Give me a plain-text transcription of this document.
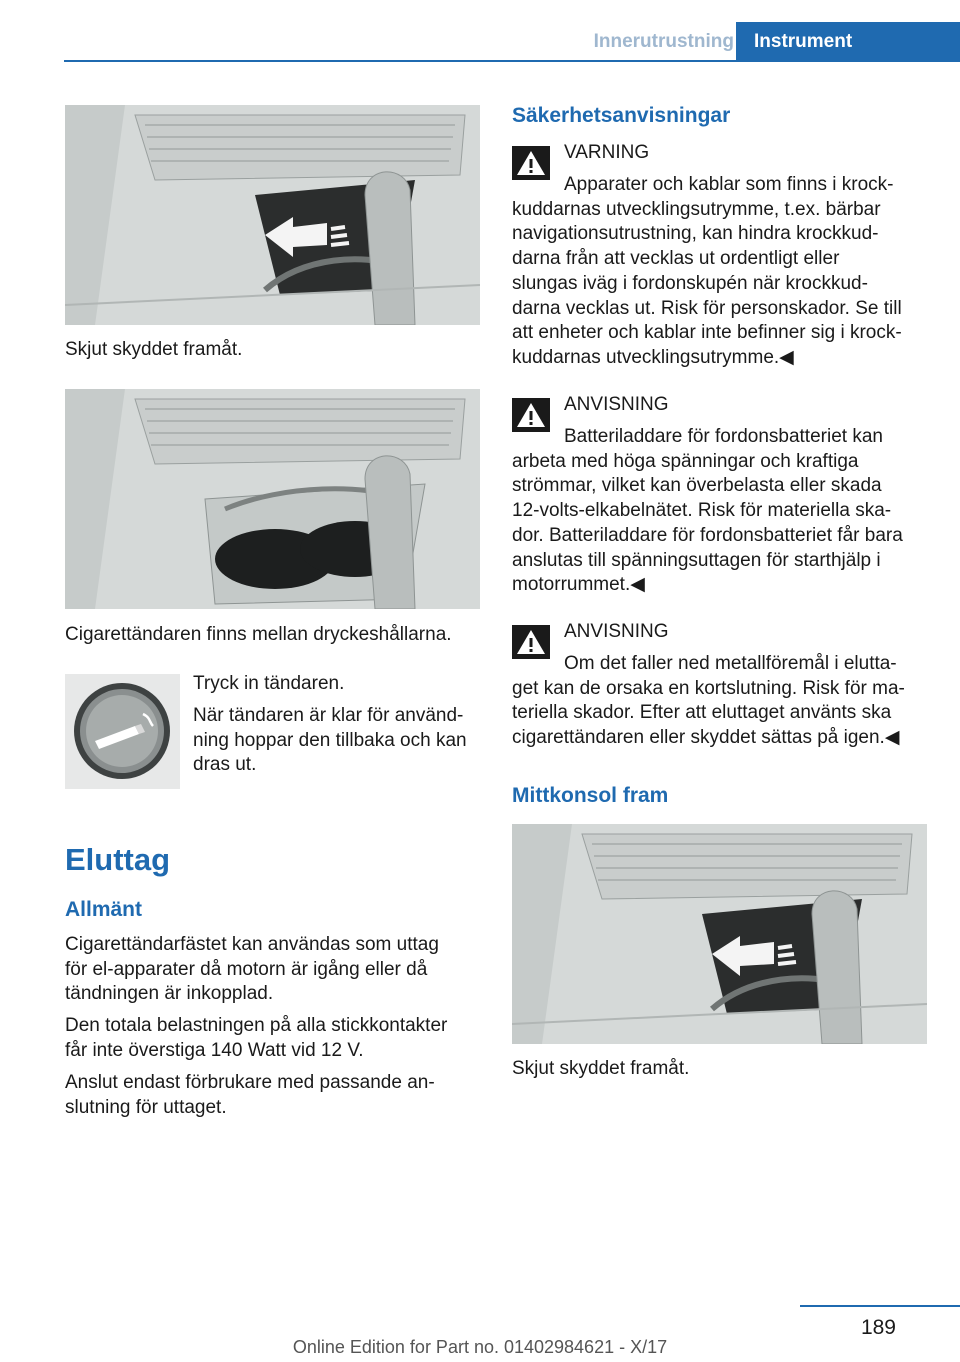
Innerutrustning	Instrument

Skjut skyddet framåt.

Cigarettändaren finns mellan dryckeshållarna.

Tryck in tändaren.

När tändaren är klar för använd‐

ning hoppar den tillbaka och kan

dras ut.

Eluttag
Allmänt

Cigarettändarfästet kan användas som uttag

för el-apparater då motorn är igång eller då

tändningen är inkopplad.

Den totala belastningen på alla stickkontakter

får inte överstiga 140 Watt vid 12 V.

Anslut endast förbrukare med passande an‐

slutning för uttaget.

Säkerhetsanvisningar
VARNING
Apparater och kablar som finns i krock‐
kuddarnas utvecklingsutrymme, t.ex. bärbar
navigationsutrustning, kan hindra krockkud‐
darna från att vecklas ut ordentligt eller
slungas iväg i fordonskupén när krockkud‐
darna vecklas ut. Risk för personskador. Se till
att enheter och kablar inte befinner sig i krock‐
kuddarnas utvecklingsutrymme.◀
ANVISNING
Batteriladdare för fordonsbatteriet kan
arbeta med höga spänningar och kraftiga
strömmar, vilket kan överbelasta eller skada
12-volts-elkabelnätet. Risk för materiella ska‐
dor. Batteriladdare för fordonsbatteriet får bara
anslutas till spänningsuttagen för starthjälp i
motorrummet.◀
ANVISNING
Om det faller ned metallföremål i elutta‐
get kan de orsaka en kortslutning. Risk för ma‐
teriella skador. Efter att eluttaget använts ska
cigarettändaren eller skyddet sättas på igen.◀
Mittkonsol fram

Skjut skyddet framåt.

189
Online Edition for Part no. 01402984621 - X/17
